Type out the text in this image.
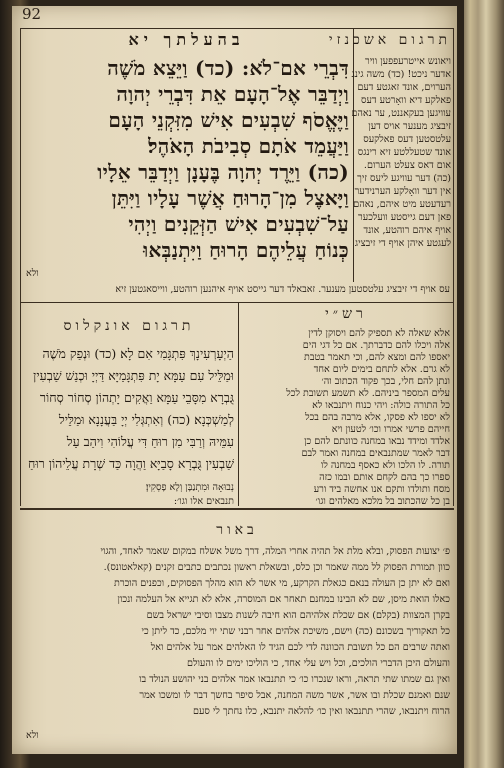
92
בהעלתך יא
דִּבְרֵי אם־לֹא: (כד) וַיֵּצֵא מֹשֶׁה
וַיְדַבֵּר אֶל־הָעָם אֵת דִּבְרֵי יְהוָה
וַיֶּאֱסֹף שִׁבְעִים אִישׁ מִזִּקְנֵי הָעָם
וַיַּעֲמֵד אֹתָם סְבִיבֹת הָאֹהֶל׃
(כה) וַיֵּרֶד יְהוָה בֶּעָנָן וַיְדַבֵּר אֵלָיו
וַיָּאצֶל מִן־הָרוּחַ אֲשֶׁר עָלָיו וַיִּתֵּן
עַל־שִׁבְעִים אִישׁ הַזְּקֵנִים וַיְהִי
כְּנוֹחַ עֲלֵיהֶם הָרוּחַ וַיִּתְנַבְּאוּ
ולא
תרגום אשכנזי
ויאונש אייטרעפפען וויר
אדער ניכט! (כד) משה גינג
הערוים, אונד זאגטע דעם
פאלקע דיא וואָרטע דעס
עוויגען בעקאננט, ער נאהם
זיבציג מענער אויס דען
עלטסטען דעס פאלקעס
אונד שטעללטע זיא רינגס
אום דאס צעלט הערום.
(כה) דער עוויגע ליעס זיך
אין דער וואָלקע הערנידער
רעדעטע מיט איהם, נאהם
פאן דעם גייסטע וועלכער
אויף איהם רוהטע, אונד
לעגטע איהן אויף די זיבציג
עס אויף די זיבציג עלטסטען מענער. זאבאלד דער גייסט אויף איהנען רוהטע, ווייסאגטען זיא
תרגום אונקלוס
הַיְעָרְעִינָךְ פִּתְגָּמִי אִם לָא׃ (כד) וּנְפַק מֹשֶׁה
וּמַלֵּיל עִם עַמָּא יָת פִּתְגָּמַיָּא דַּיְיָ וּכְנַשׁ שַׁבְעִין
גֻּבְרָא מִסָּבֵי עַמָּא וַאֲקִים יָתְהוֹן סְחוֹר סְחוֹר
לְמַשְׁכְּנָא׃ (כה) וְאִתְגְּלִי יְיָ בַּעֲנָנָא וּמַלֵּיל
עִמֵּיהּ וְרַבִּי מִן רוּחַ דִּי עֲלוֹהִי וִיהַב עַל
שַׁבְעִין גֻּבְרָא סָבַיָּא וַהֲוָה כַּד שְׁרָת עֲלֵיהוֹן רוּחַ
רש״י
אלא שאלה לא תספיק להם ויסוקן לדין
אלה ויכלו להם כדברתך. אם כל דגי הים
יאספו להם ומצא להם, וכי תאמר בטבת
לא גרם. אלא לתחם בימים ליום אחד
ונתן להם חלי, בכך פקוד הכתוב וה׳
עלים המספר ביניהם. לא תשמע תשובת לכל
כל התורה כולה: ויהי כנוח ויתנבאו לא
לא יספו לא פסקו, אלא מרבה בהם בכל
חייהם פרשי אמרו וכו׳ לטעון ויא
אלדד ומידד נבאו במחנה כוונתם להם כן
דבר לאמר שמתנבאים במחנה ואמר לבם
תורה. לו הלכו ולא כאסף במחנה לו
ספרו כך בהם לקחם אותם ובמו כזה
מסח ותולדו ותקם אנו אחשה ביד ורע
בן כל שהכתוב בל מלכא מאלהים וגו׳
נְבוּאָה וּמִתְנַבָּן וְלָא פָסְקִין׃
תנבאים אלו וגו׳:
באור
פ׳ יצועות הפסוק, ובלא מלת אל תהיה אחרי המלה, דרך משל אשלח במקום שאמר לאחד, והגוי
כוון תמורת הפסוק לל ממה שאמר וכן כלס, ובשאלת ראשון נכתבים כתבים זקנים (קאלאטונס).
ואם לא יתן כן העולה בנאם כגאלת הקרקע, מי אשר לא הוא מהלך הפסוקים, וכפנים הוכרת
כאלו הואת מיסן, שם לא הבינו במחנם תאחר אם המוסרה, אלא לא תגייא אל העלמה ונכון
בקרן המצוות (בקלם) אם שכלת אלהיהם הוא חיבה לשנות מצבו וסיבי ישראל בשם
כל תאקוריך בשכונם (כה) וישם, משיכת אלהים אחר רבני שתי יוי מלכם, כד ליתן כי
ואתה שרבים הם כל תשובת הכוונה לדי לכם הגיד לו האלהים אמר על אלהים ואל
והעולם היכן הדברי הולכים, וכל ויש עלי אחד, כי הוליכו ימים לו והעולם
ואין גם שמתו שתי תראה, וראו שנכרו כו׳ כי תתנבאו אמר אלהים בני יהושע הנולד בו
שנם ואמנם שכלת ובו אשר, אשר משה המחנה, אבל סיפר בחשך דבר לו ומשכו אמר
הרוח ויתנבאו, שהרי תתנבאו ואין כו׳ להלאה יתנבא, כלו נחתך לי סעם
ולא
